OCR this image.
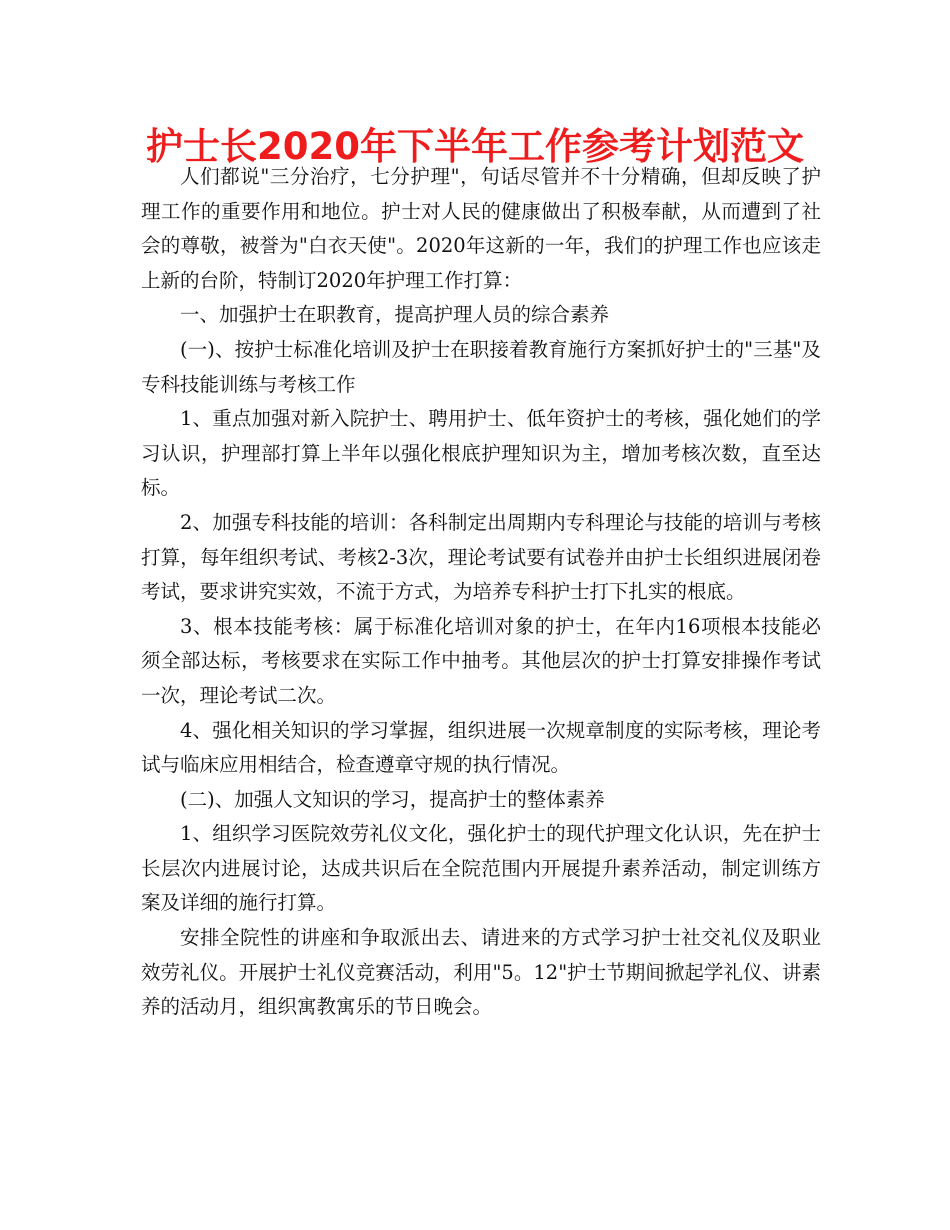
护士长2020年下半年工作参考计划范文

人们都说"三分治疗，七分护理"，句话尽管并不十分精确，但却反映了护理工作的重要作用和地位。护士对人民的健康做出了积极奉献，从而遭到了社会的尊敬，被誉为"白衣天使"。2020年这新的一年，我们的护理工作也应该走上新的台阶，特制订2020年护理工作打算：

一、加强护士在职教育，提高护理人员的综合素养

(一)、按护士标准化培训及护士在职接着教育施行方案抓好护士的"三基"及专科技能训练与考核工作

1、重点加强对新入院护士、聘用护士、低年资护士的考核，强化她们的学习认识，护理部打算上半年以强化根底护理知识为主，增加考核次数，直至达标。

2、加强专科技能的培训：各科制定出周期内专科理论与技能的培训与考核打算，每年组织考试、考核2-3次，理论考试要有试卷并由护士长组织进展闭卷考试，要求讲究实效，不流于方式，为培养专科护士打下扎实的根底。

3、根本技能考核：属于标准化培训对象的护士，在年内16项根本技能必须全部达标，考核要求在实际工作中抽考。其他层次的护士打算安排操作考试一次，理论考试二次。

4、强化相关知识的学习掌握，组织进展一次规章制度的实际考核，理论考试与临床应用相结合，检查遵章守规的执行情况。

(二)、加强人文知识的学习，提高护士的整体素养

1、组织学习医院效劳礼仪文化，强化护士的现代护理文化认识，先在护士长层次内进展讨论，达成共识后在全院范围内开展提升素养活动，制定训练方案及详细的施行打算。

安排全院性的讲座和争取派出去、请进来的方式学习护士社交礼仪及职业效劳礼仪。开展护士礼仪竞赛活动，利用"5。12"护士节期间掀起学礼仪、讲素养的活动月，组织寓教寓乐的节日晚会。
